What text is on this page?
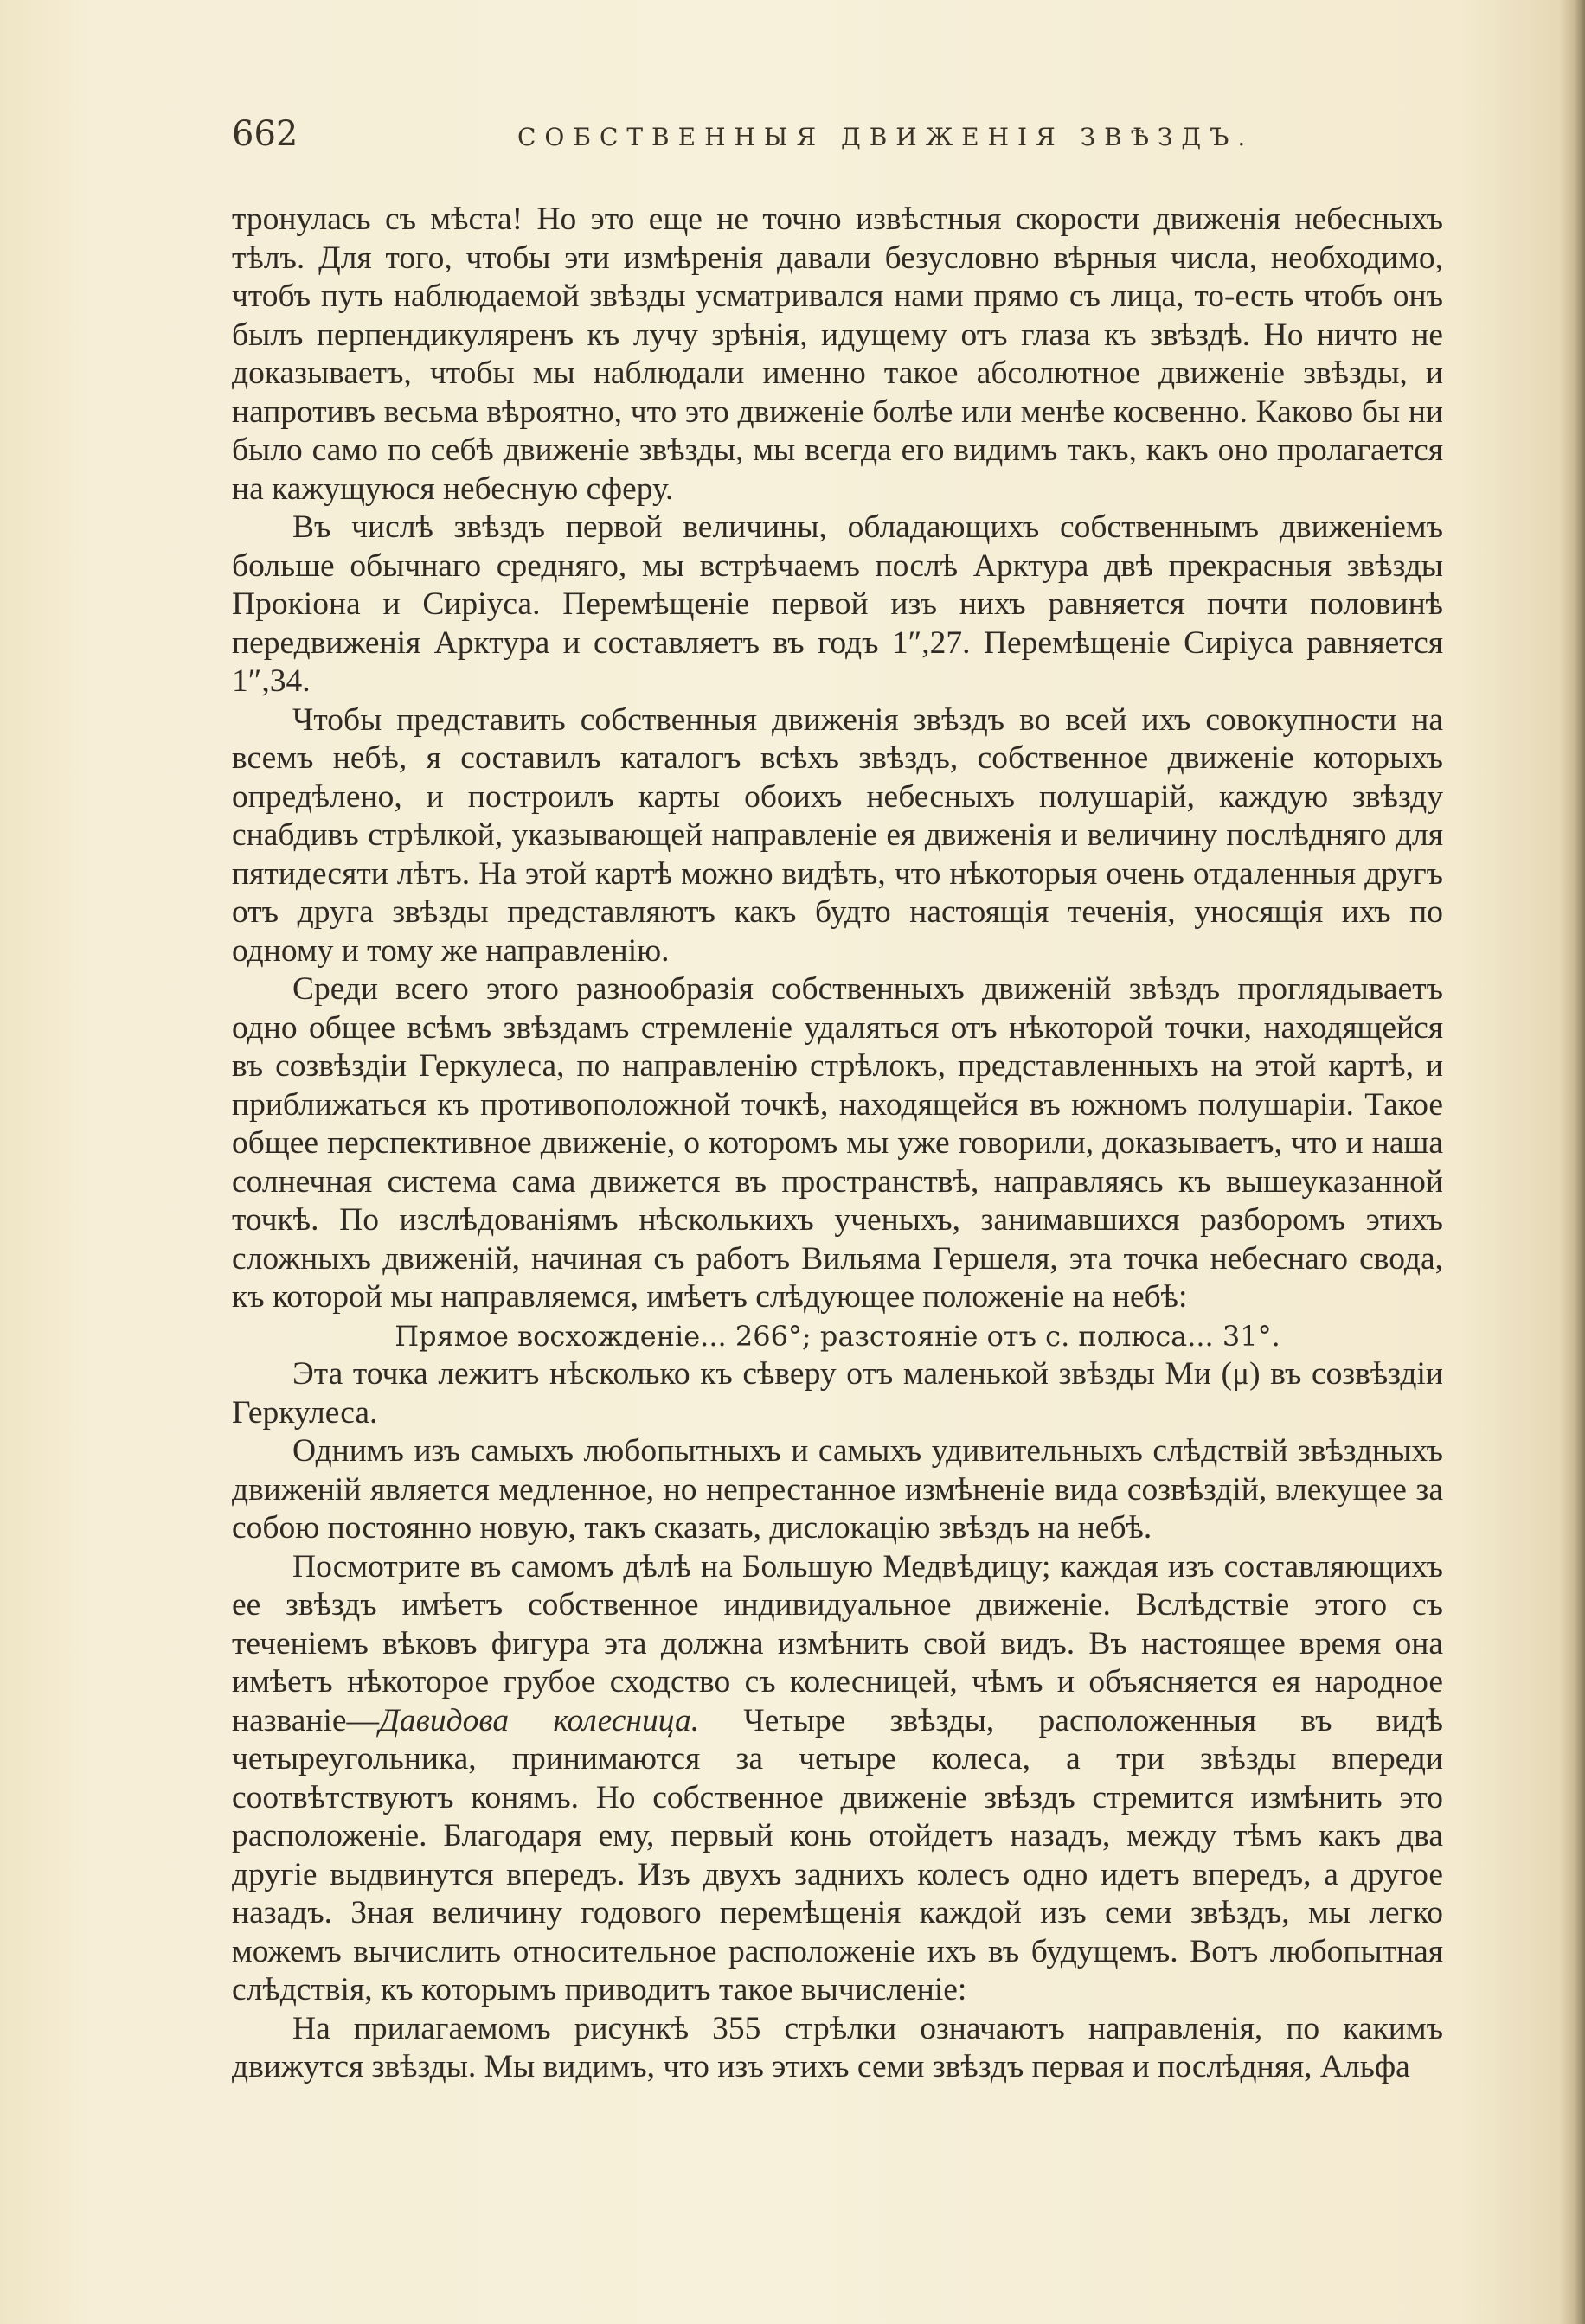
662	СОБСТВЕННЫЯ ДВИЖЕНІЯ ЗВѢЗДЪ.

тронулась съ мѣста! Но это еще не точно извѣстныя скорости движенія небесныхъ тѣлъ. Для того, чтобы эти измѣренія давали безусловно вѣрныя числа, необходимо, чтобъ путь наблюдаемой звѣзды усматривался нами прямо съ лица, то-есть чтобъ онъ былъ перпендикуляренъ къ лучу зрѣнія, идущему отъ глаза къ звѣздѣ. Но ничто не доказываетъ, чтобы мы наблюдали именно такое абсолютное движеніе звѣзды, и напротивъ весьма вѣроятно, что это движеніе болѣе или менѣе косвенно. Каково бы ни было само по себѣ движеніе звѣзды, мы всегда его видимъ такъ, какъ оно пролагается на кажущуюся небесную сферу.

Въ числѣ звѣздъ первой величины, обладающихъ собственнымъ движеніемъ больше обычнаго средняго, мы встрѣчаемъ послѣ Арктура двѣ прекрасныя звѣзды Прокіона и Сиріуса. Перемѣщеніе первой изъ нихъ равняется почти половинѣ передвиженія Арктура и составляетъ въ годъ 1″,27. Перемѣщеніе Сиріуса равняется 1″,34.

Чтобы представить собственныя движенія звѣздъ во всей ихъ совокупности на всемъ небѣ, я составилъ каталогъ всѣхъ звѣздъ, собственное движеніе которыхъ опредѣлено, и построилъ карты обоихъ небесныхъ полушарій, каждую звѣзду снабдивъ стрѣлкой, указывающей направленіе ея движенія и величину послѣдняго для пятидесяти лѣтъ. На этой картѣ можно видѣть, что нѣкоторыя очень отдаленныя другъ отъ друга звѣзды представляютъ какъ будто настоящія теченія, уносящія ихъ по одному и тому же направленію.

Среди всего этого разнообразія собственныхъ движеній звѣздъ проглядываетъ одно общее всѣмъ звѣздамъ стремленіе удаляться отъ нѣкоторой точки, находящейся въ созвѣздіи Геркулеса, по направленію стрѣлокъ, представленныхъ на этой картѣ, и приближаться къ противоположной точкѣ, находящейся въ южномъ полушаріи. Такое общее перспективное движеніе, о которомъ мы уже говорили, доказываетъ, что и наша солнечная система сама движется въ пространствѣ, направляясь къ вышеуказанной точкѣ. По изслѣдованіямъ нѣсколькихъ ученыхъ, занимавшихся разборомъ этихъ сложныхъ движеній, начиная съ работъ Вильяма Гершеля, эта точка небеснаго свода, къ которой мы направляемся, имѣетъ слѣдующее положеніе на небѣ:

Прямое восхожденіе... 266°; разстояніе отъ с. полюса... 31°.

Эта точка лежитъ нѣсколько къ сѣверу отъ маленькой звѣзды Ми (μ) въ созвѣздіи Геркулеса.

Однимъ изъ самыхъ любопытныхъ и самыхъ удивительныхъ слѣдствій звѣздныхъ движеній является медленное, но непрестанное измѣненіе вида созвѣздій, влекущее за собою постоянно новую, такъ сказать, дислокацію звѣздъ на небѣ.

Посмотрите въ самомъ дѣлѣ на Большую Медвѣдицу; каждая изъ составляющихъ ее звѣздъ имѣетъ собственное индивидуальное движеніе. Вслѣдствіе этого съ теченіемъ вѣковъ фигура эта должна измѣнить свой видъ. Въ настоящее время она имѣетъ нѣкоторое грубое сходство съ колесницей, чѣмъ и объясняется ея народное названіе—Давидова колесница. Четыре звѣзды, расположенныя въ видѣ четыреугольника, принимаются за четыре колеса, а три звѣзды впереди соотвѣтствуютъ конямъ. Но собственное движеніе звѣздъ стремится измѣнить это расположеніе. Благодаря ему, первый конь отойдетъ назадъ, между тѣмъ какъ два другіе выдвинутся впередъ. Изъ двухъ заднихъ колесъ одно идетъ впередъ, а другое назадъ. Зная величину годового перемѣщенія каждой изъ семи звѣздъ, мы легко можемъ вычислить относительное расположеніе ихъ въ будущемъ. Вотъ любопытная слѣдствія, къ которымъ приводитъ такое вычисленіе:

На прилагаемомъ рисункѣ 355 стрѣлки означаютъ направленія, по какимъ движутся звѣзды. Мы видимъ, что изъ этихъ семи звѣздъ первая и послѣдняя, Альфа
